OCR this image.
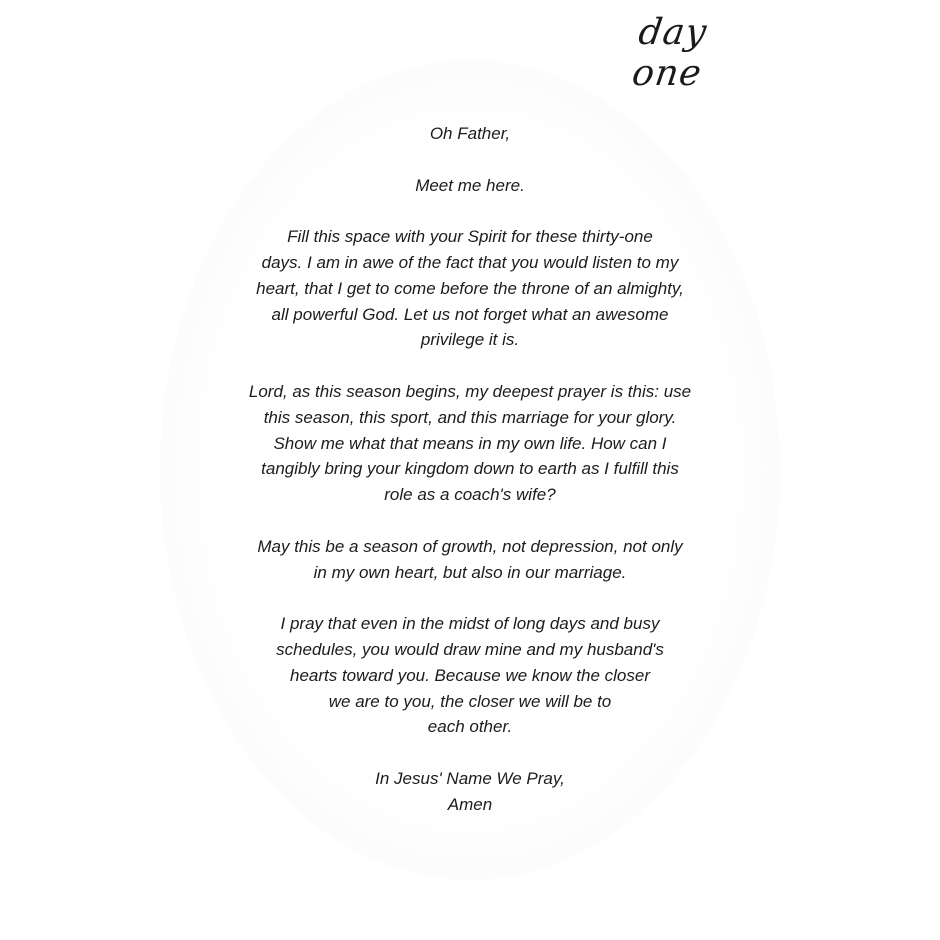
day one

Oh Father,

Meet me here.

Fill this space with your Spirit for these thirty-one
days. I am in awe of the fact that you would listen to my
heart, that I get to come before the throne of an almighty,
all powerful God. Let us not forget what an awesome
privilege it is.

Lord, as this season begins, my deepest prayer is this: use
this season, this sport, and this marriage for your glory.
Show me what that means in my own life. How can I
tangibly bring your kingdom down to earth as I fulfill this
role as a coach's wife?

May this be a season of growth, not depression, not only
in my own heart, but also in our marriage.

I pray that even in the midst of long days and busy
schedules, you would draw mine and my husband's
hearts toward you. Because we know the closer
we are to you, the closer we will be to
each other.

In Jesus' Name We Pray,
Amen
